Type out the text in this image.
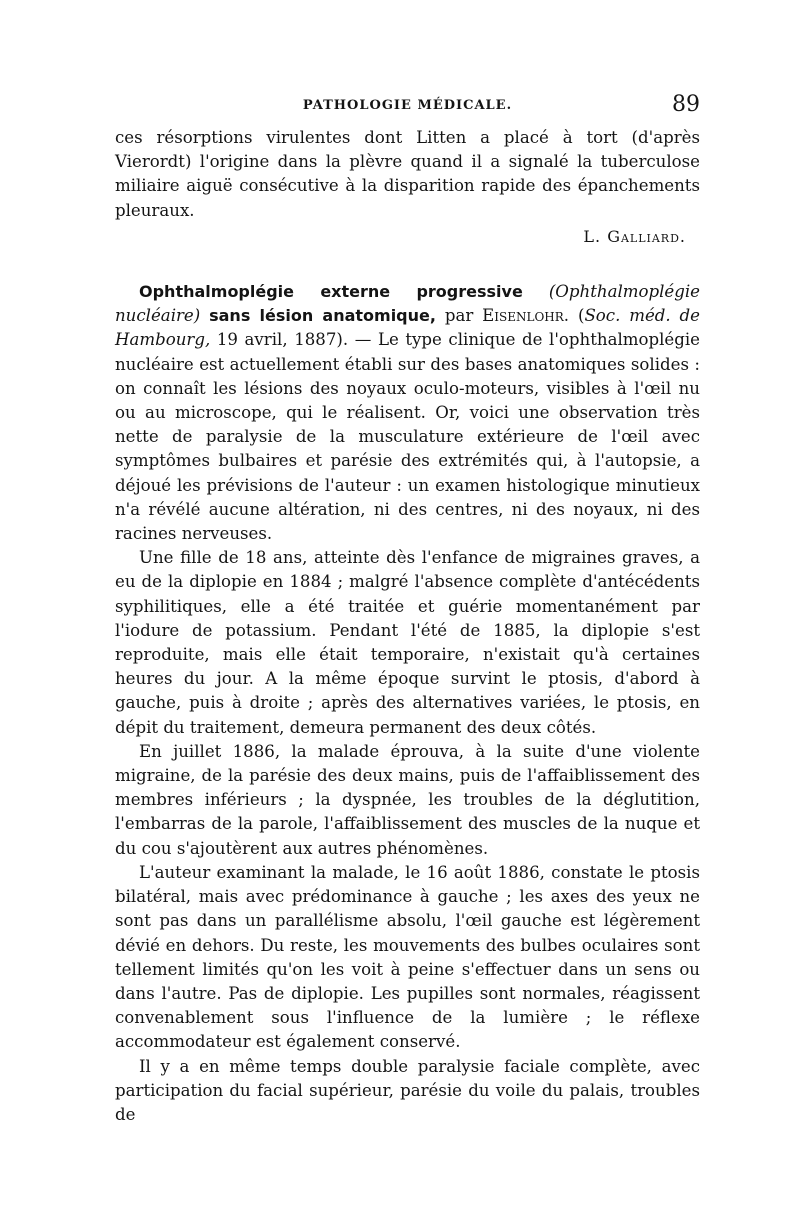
PATHOLOGIE MÉDICALE.	89

ces résorptions virulentes dont Litten a placé à tort (d'après Vierordt) l'origine dans la plèvre quand il a signalé la tuberculose miliaire aiguë consécutive à la disparition rapide des épanchements pleuraux.

L. Galliard.

Ophthalmoplégie externe progressive (Ophthalmoplégie nucléaire) sans lésion anatomique, par Eisenlohr. (Soc. méd. de Hambourg, 19 avril, 1887). — Le type clinique de l'ophthalmoplégie nucléaire est actuellement établi sur des bases anatomiques solides : on connaît les lésions des noyaux oculo-moteurs, visibles à l'œil nu ou au microscope, qui le réalisent. Or, voici une observation très nette de paralysie de la musculature extérieure de l'œil avec symptômes bulbaires et parésie des extrémités qui, à l'autopsie, a déjoué les prévisions de l'auteur : un examen histologique minutieux n'a révélé aucune altération, ni des centres, ni des noyaux, ni des racines nerveuses.

Une fille de 18 ans, atteinte dès l'enfance de migraines graves, a eu de la diplopie en 1884 ; malgré l'absence complète d'antécédents syphilitiques, elle a été traitée et guérie momentanément par l'iodure de potassium. Pendant l'été de 1885, la diplopie s'est reproduite, mais elle était temporaire, n'existait qu'à certaines heures du jour. A la même époque survint le ptosis, d'abord à gauche, puis à droite ; après des alternatives variées, le ptosis, en dépit du traitement, demeura permanent des deux côtés.

En juillet 1886, la malade éprouva, à la suite d'une violente migraine, de la parésie des deux mains, puis de l'affaiblissement des membres inférieurs ; la dyspnée, les troubles de la déglutition, l'embarras de la parole, l'affaiblissement des muscles de la nuque et du cou s'ajoutèrent aux autres phénomènes.

L'auteur examinant la malade, le 16 août 1886, constate le ptosis bilatéral, mais avec prédominance à gauche ; les axes des yeux ne sont pas dans un parallélisme absolu, l'œil gauche est légèrement dévié en dehors. Du reste, les mouvements des bulbes oculaires sont tellement limités qu'on les voit à peine s'effectuer dans un sens ou dans l'autre. Pas de diplopie. Les pupilles sont normales, réagissent convenablement sous l'influence de la lumière ; le réflexe accommodateur est également conservé.

Il y a en même temps double paralysie faciale complète, avec participation du facial supérieur, parésie du voile du palais, troubles de
